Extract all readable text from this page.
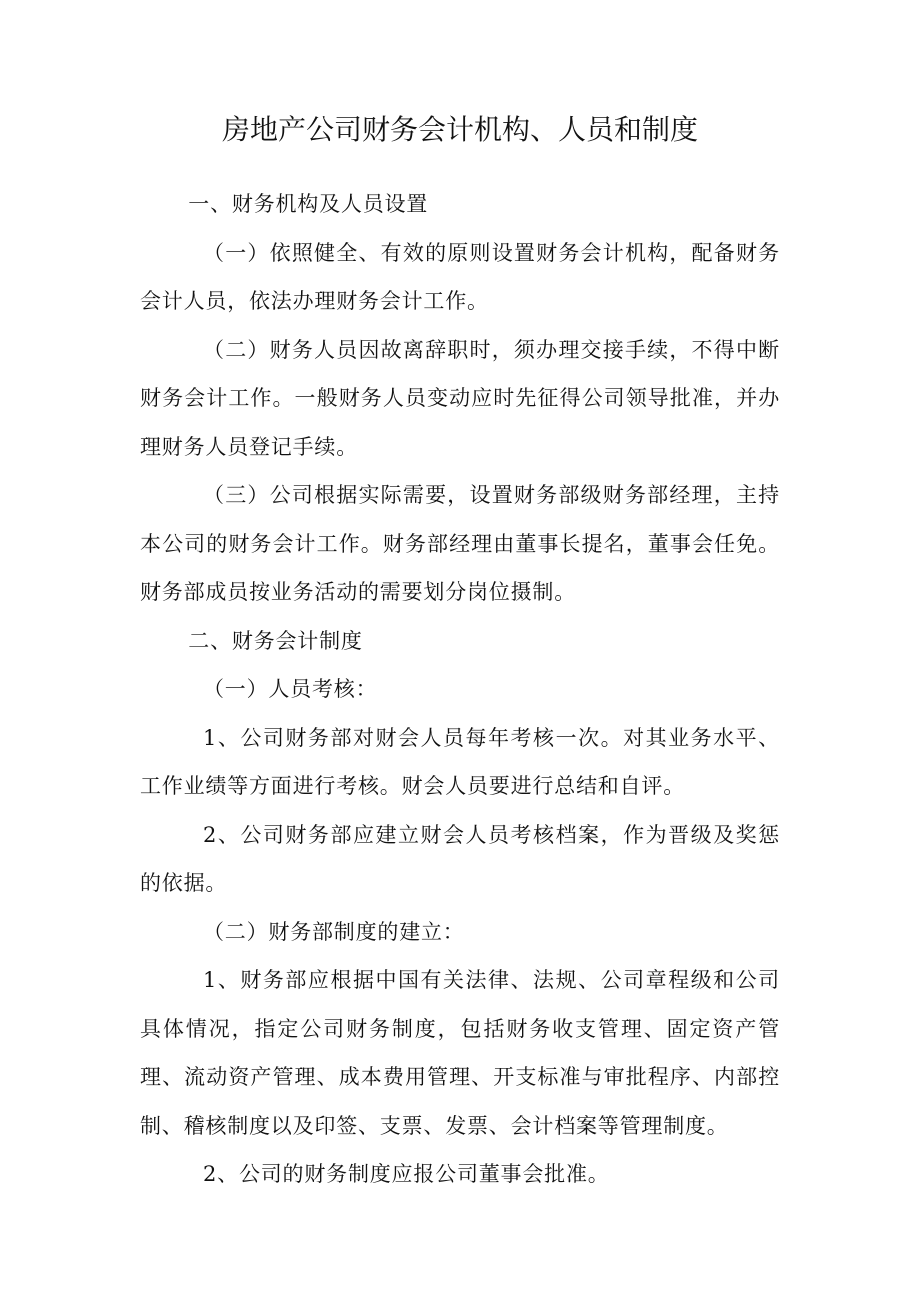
房地产公司财务会计机构、人员和制度

一、财务机构及人员设置

（一）依照健全、有效的原则设置财务会计机构，配备财务会计人员，依法办理财务会计工作。

（二）财务人员因故离辞职时，须办理交接手续，不得中断财务会计工作。一般财务人员变动应时先征得公司领导批准，并办理财务人员登记手续。

（三）公司根据实际需要，设置财务部级财务部经理，主持本公司的财务会计工作。财务部经理由董事长提名，董事会任免。财务部成员按业务活动的需要划分岗位摄制。

二、财务会计制度

（一）人员考核：

1、公司财务部对财会人员每年考核一次。对其业务水平、工作业绩等方面进行考核。财会人员要进行总结和自评。

2、公司财务部应建立财会人员考核档案，作为晋级及奖惩的依据。

（二）财务部制度的建立：

1、财务部应根据中国有关法律、法规、公司章程级和公司具体情况，指定公司财务制度，包括财务收支管理、固定资产管理、流动资产管理、成本费用管理、开支标准与审批程序、内部控制、稽核制度以及印签、支票、发票、会计档案等管理制度。

2、公司的财务制度应报公司董事会批准。
